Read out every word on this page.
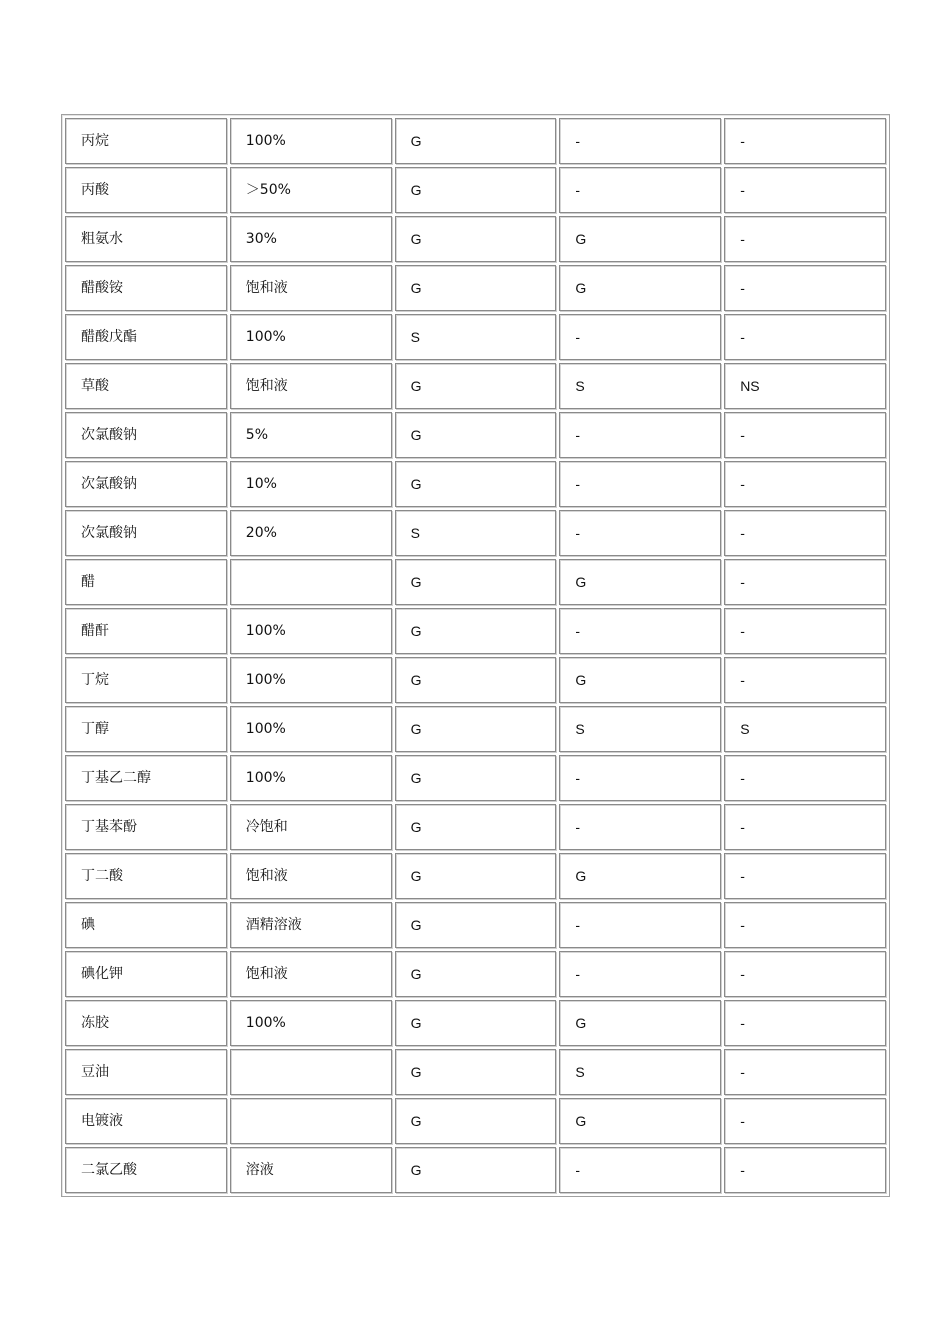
丙烷	100%	G	-	-
丙酸	＞50%	G	-	-
粗氨水	30%	G	G	-
醋酸铵	饱和液	G	G	-
醋酸戊酯	100%	S	-	-
草酸	饱和液	G	S	NS
次氯酸钠	5%	G	-	-
次氯酸钠	10%	G	-	-
次氯酸钠	20%	S	-	-
醋		G	G	-
醋酐	100%	G	-	-
丁烷	100%	G	G	-
丁醇	100%	G	S	S
丁基乙二醇	100%	G	-	-
丁基苯酚	冷饱和	G	-	-
丁二酸	饱和液	G	G	-
碘	酒精溶液	G	-	-
碘化钾	饱和液	G	-	-
冻胶	100%	G	G	-
豆油		G	S	-
电镀液		G	G	-
二氯乙酸	溶液	G	-	-
